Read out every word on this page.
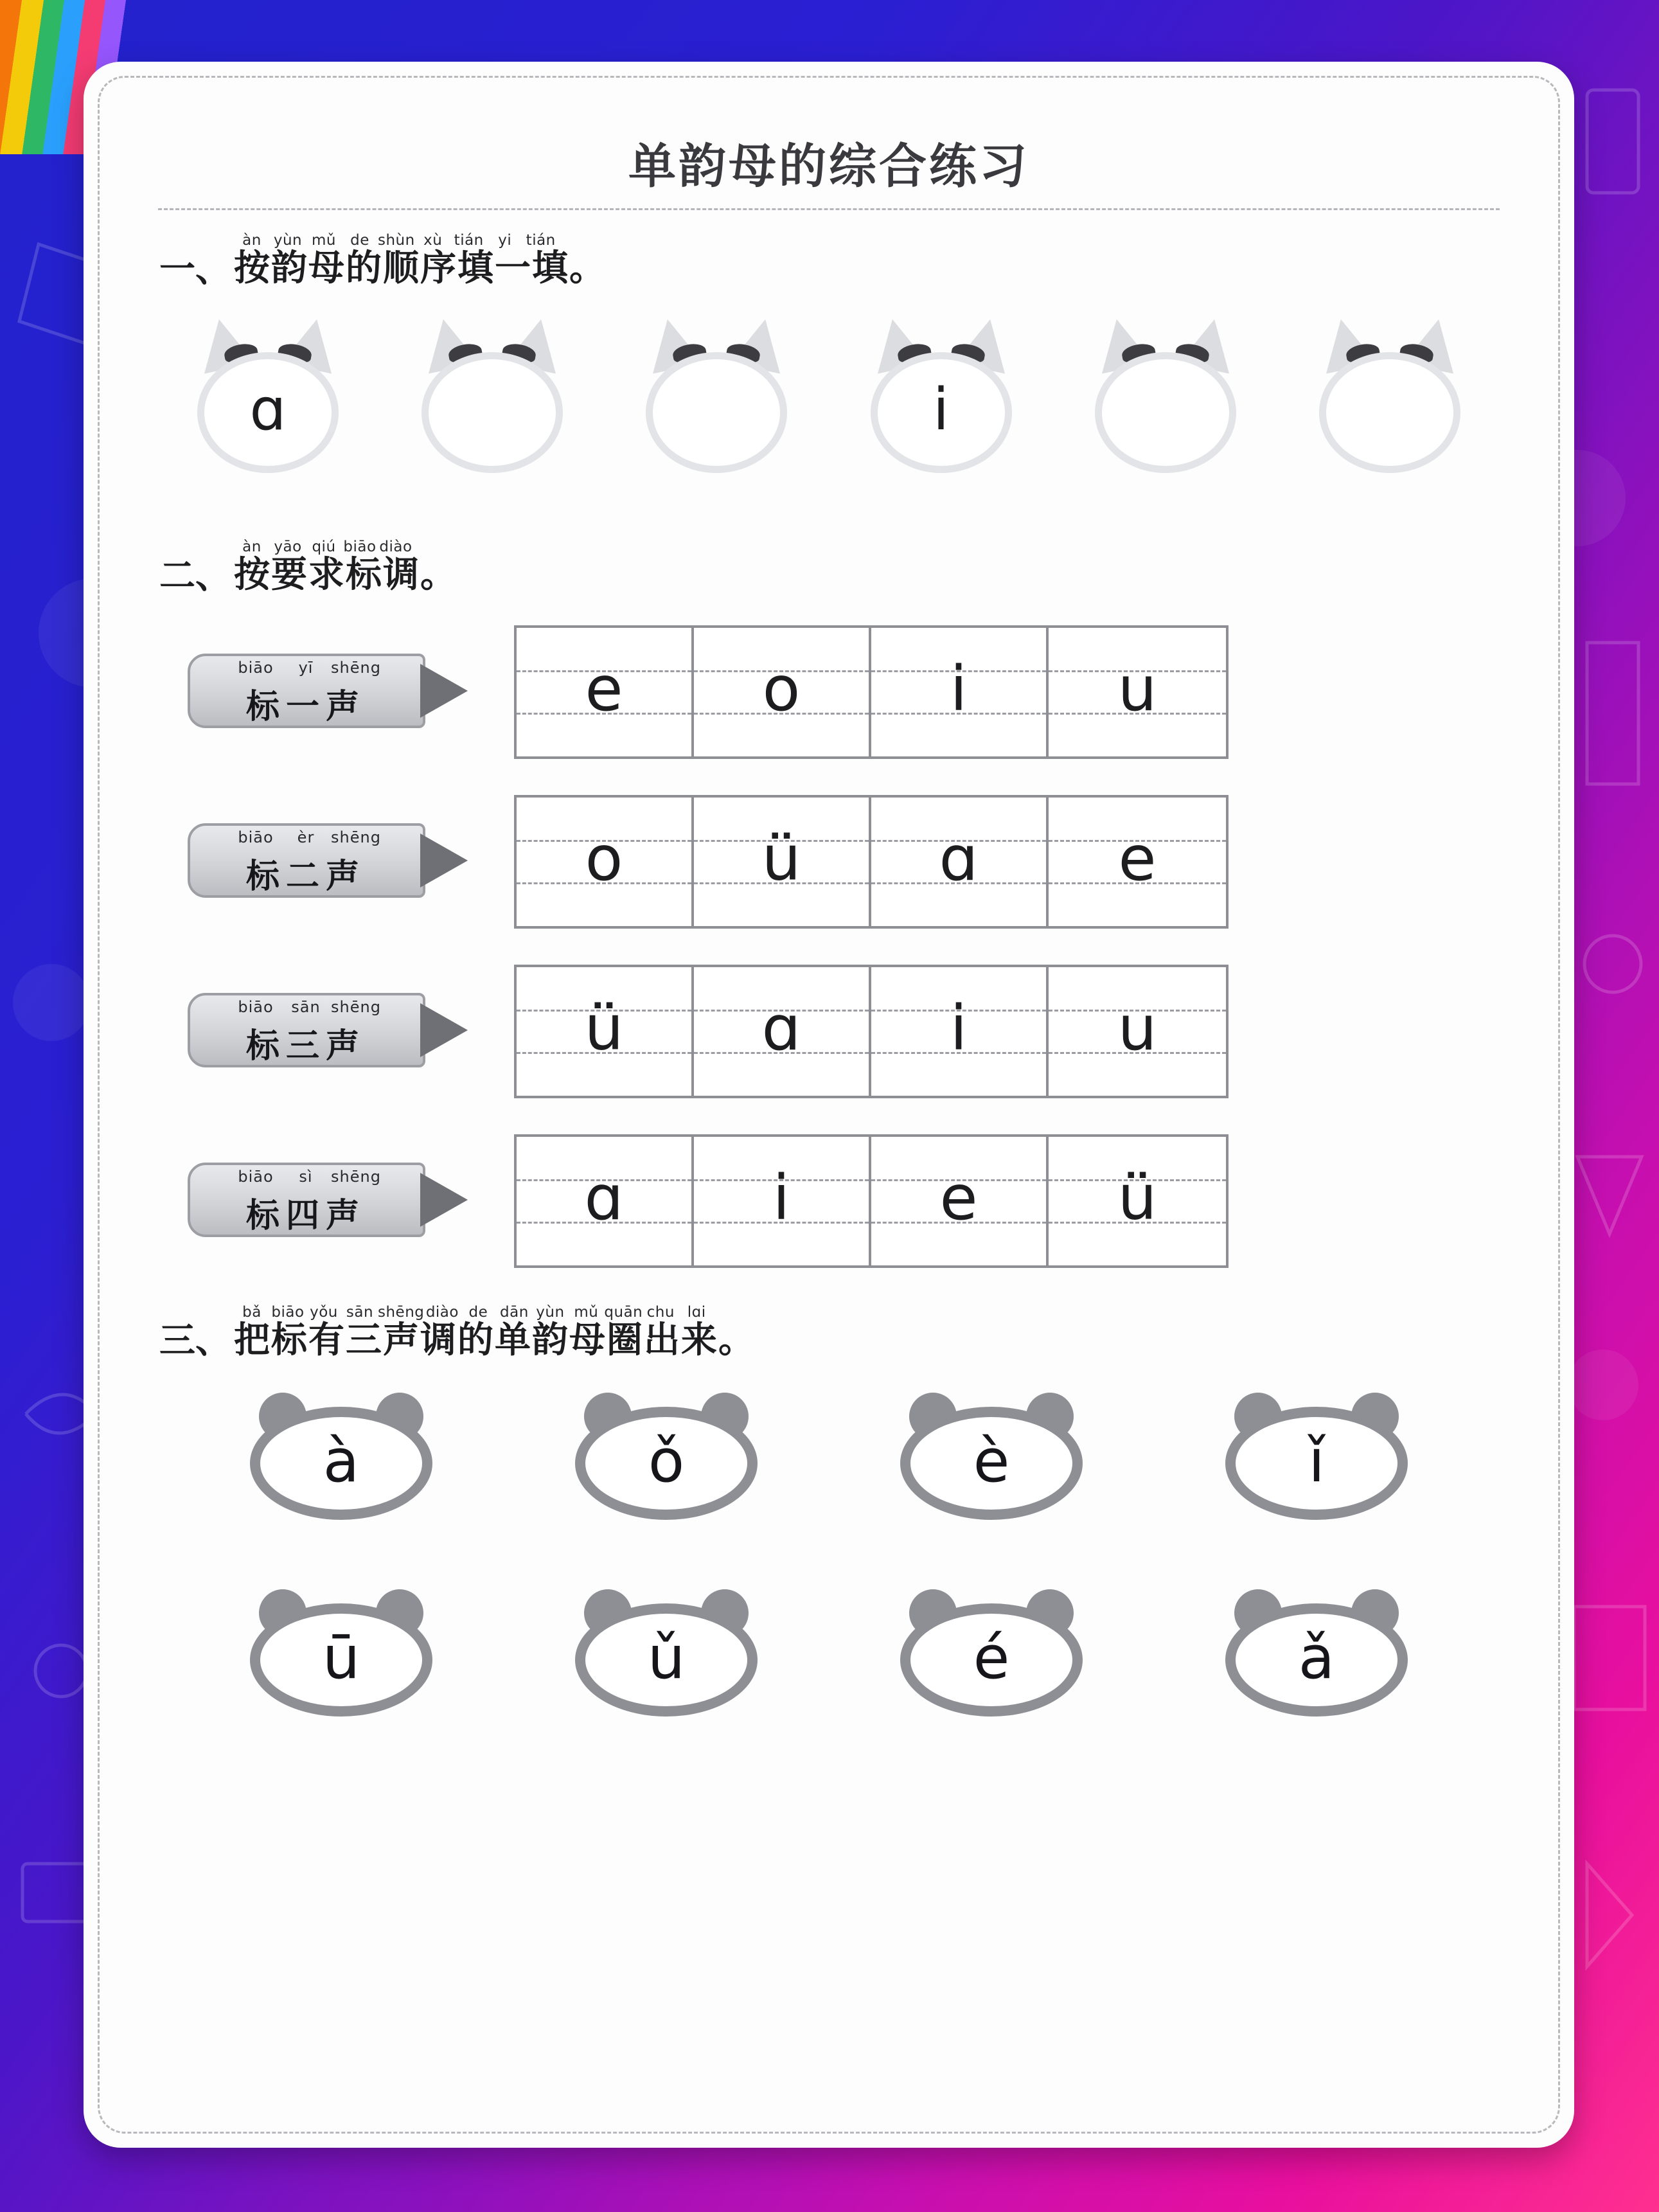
单韵母的综合练习
一、
àn yùn mǔ de shùn xù tián yi tián
按韵母的顺序填一填。
ɑ	i
二、
àn yāo qiú biāo diào
按要求标调。
biāo	yī	shēng
标一声	e o i u
biāo	èr	shēng
标二声	o ü ɑ e
biāo	sān shēng
标三声	ü ɑ i u
biāo	sì	shēng
标四声	ɑ i e ü
三、
bǎ biāo yǒu sān shēng diào de dān yùn mǔ quān chu lɑi
把标有三声调的单韵母圈出来。
à	ǒ	è	ǐ
ū	ǔ	é	ǎ
